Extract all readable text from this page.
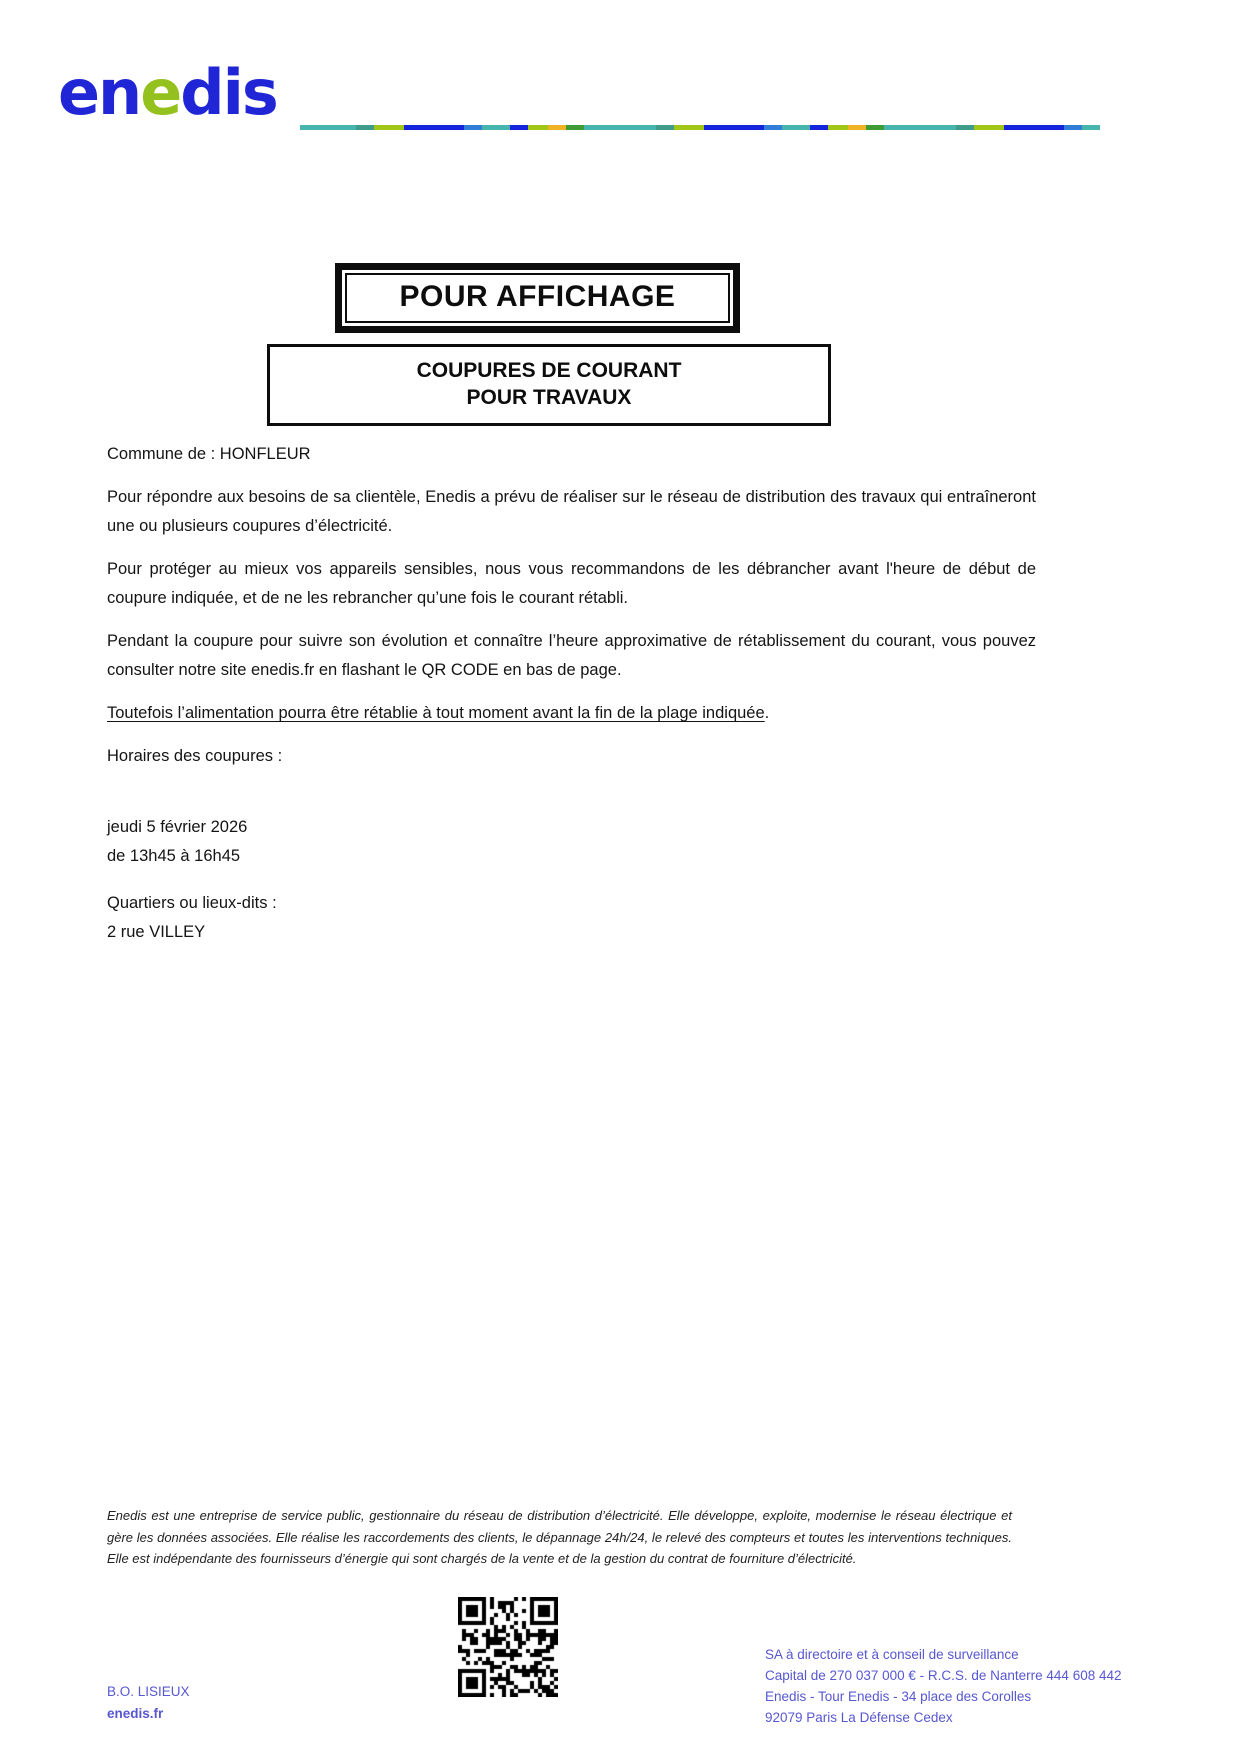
enedis
POUR AFFICHAGE
COUPURES DE COURANT
POUR TRAVAUX

Commune de : HONFLEUR

Pour répondre aux besoins de sa clientèle, Enedis a prévu de réaliser sur le réseau de distribution des travaux qui entraîneront une ou plusieurs coupures d’électricité.

Pour protéger au mieux vos appareils sensibles, nous vous recommandons de les débrancher avant l'heure de début de coupure indiquée, et de ne les rebrancher qu’une fois le courant rétabli.

Pendant la coupure pour suivre son évolution et connaître l’heure approximative de rétablissement du courant, vous pouvez consulter notre site enedis.fr en flashant le QR CODE en bas de page.

Toutefois l’alimentation pourra être rétablie à tout moment avant la fin de la plage indiquée.

Horaires des coupures :

jeudi 5 février 2026

de 13h45 à 16h45

Quartiers ou lieux-dits :

2 rue VILLEY

Enedis est une entreprise de service public, gestionnaire du réseau de distribution d’électricité. Elle développe, exploite, modernise le réseau électrique et gère les données associées. Elle réalise les raccordements des clients, le dépannage 24h/24, le relevé des compteurs et toutes les interventions techniques. Elle est indépendante des fournisseurs d’énergie qui sont chargés de la vente et de la gestion du contrat de fourniture d’électricité.
B.O. LISIEUX
enedis.fr
SA à directoire et à conseil de surveillance
Capital de 270 037 000 € - R.C.S. de Nanterre 444 608 442
Enedis - Tour Enedis - 34 place des Corolles
92079 Paris La Défense Cedex
